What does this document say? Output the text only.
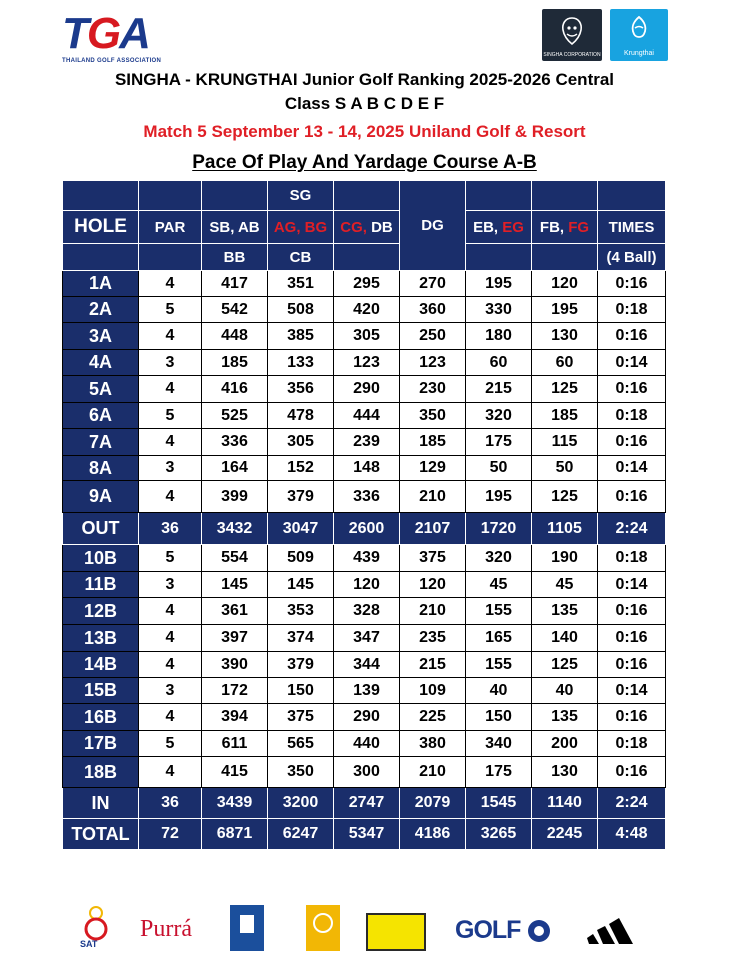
TGA
THAILAND GOLF ASSOCIATION
SINGHA CORPORATION	Krungthai
SINGHA - KRUNGTHAI Junior Golf Ranking 2025-2026 Central
Class S A B C D E F
Match 5 September 13 - 14, 2025 Uniland Golf & Resort
Pace Of Play And Yardage Course A-B
			SG		DG			
HOLE	PAR	SB, AB	AG, BG	CG, DB		EB, EG	FB, FG	TIMES
		BB	CB					(4 Ball)
1A	4	417	351	295	270	195	120	0:16
2A	5	542	508	420	360	330	195	0:18
3A	4	448	385	305	250	180	130	0:16
4A	3	185	133	123	123	60	60	0:14
5A	4	416	356	290	230	215	125	0:16
6A	5	525	478	444	350	320	185	0:18
7A	4	336	305	239	185	175	115	0:16
8A	3	164	152	148	129	50	50	0:14
9A	4	399	379	336	210	195	125	0:16
OUT	36	3432	3047	2600	2107	1720	1105	2:24
10B	5	554	509	439	375	320	190	0:18
11B	3	145	145	120	120	45	45	0:14
12B	4	361	353	328	210	155	135	0:16
13B	4	397	374	347	235	165	140	0:16
14B	4	390	379	344	215	155	125	0:16
15B	3	172	150	139	109	40	40	0:14
16B	4	394	375	290	225	150	135	0:16
17B	5	611	565	440	380	340	200	0:18
18B	4	415	350	300	210	175	130	0:16
IN	36	3439	3200	2747	2079	1545	1140	2:24
TOTAL	72	6871	6247	5347	4186	3265	2245	4:48
SAT
Purrá	GOLF
